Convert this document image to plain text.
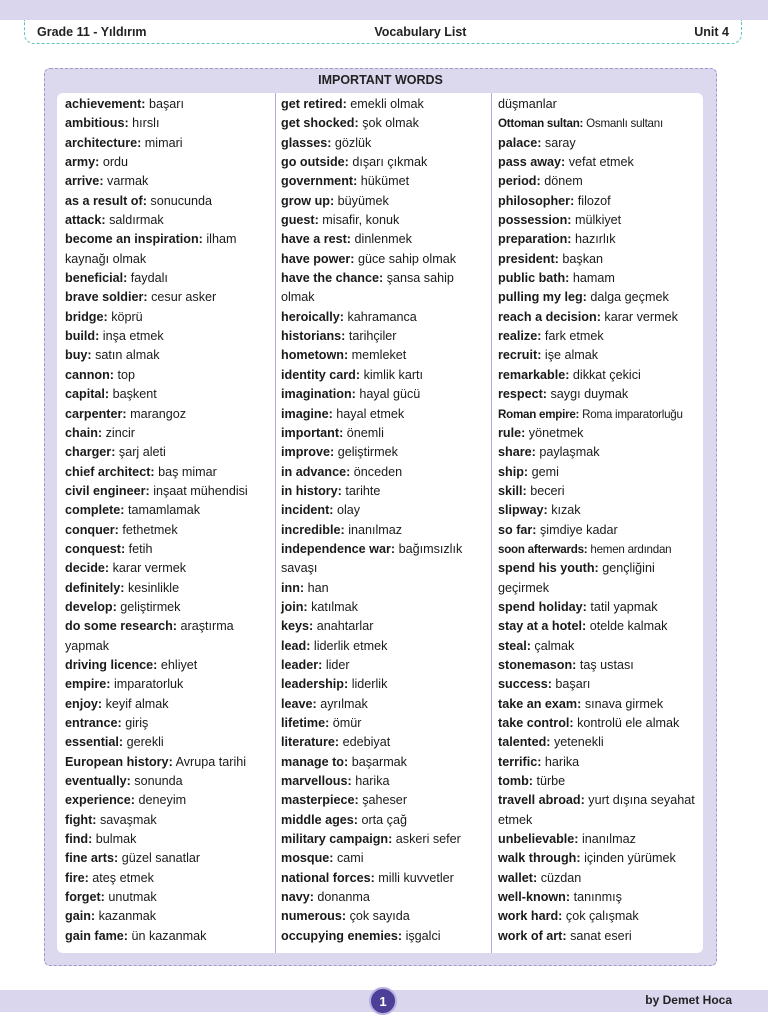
Grade 11 - Yıldırım	Vocabulary List	Unit 4
IMPORTANT WORDS

achievement: başarı

ambitious: hırslı

architecture: mimari

army: ordu

arrive: varmak

as a result of: sonucunda

attack: saldırmak

become an inspiration: ilham kaynağı olmak

beneficial: faydalı

brave soldier: cesur asker

bridge: köprü

build: inşa etmek

buy: satın almak

cannon: top

capital: başkent

carpenter: marangoz

chain: zincir

charger: şarj aleti

chief architect: baş mimar

civil engineer: inşaat mühendisi

complete: tamamlamak

conquer: fethetmek

conquest: fetih

decide: karar vermek

definitely: kesinlikle

develop: geliştirmek

do some research: araştırma yapmak

driving licence: ehliyet

empire: imparatorluk

enjoy: keyif almak

entrance: giriş

essential: gerekli

European history: Avrupa tarihi

eventually: sonunda

experience: deneyim

fight: savaşmak

find: bulmak

fine arts: güzel sanatlar

fire: ateş etmek

forget: unutmak

gain: kazanmak

gain fame: ün kazanmak

get retired: emekli olmak

get shocked: şok olmak

glasses: gözlük

go outside: dışarı çıkmak

government: hükümet

grow up: büyümek

guest: misafir, konuk

have a rest: dinlenmek

have power: güce sahip olmak

have the chance: şansa sahip olmak

heroically: kahramanca

historians: tarihçiler

hometown: memleket

identity card: kimlik kartı

imagination: hayal gücü

imagine: hayal etmek

important: önemli

improve: geliştirmek

in advance: önceden

in history: tarihte

incident: olay

incredible: inanılmaz

independence war: bağımsızlık savaşı

inn: han

join: katılmak

keys: anahtarlar

lead: liderlik etmek

leader: lider

leadership: liderlik

leave: ayrılmak

lifetime: ömür

literature: edebiyat

manage to: başarmak

marvellous: harika

masterpiece: şaheser

middle ages: orta çağ

military campaign: askeri sefer

mosque: cami

national forces: milli kuvvetler

navy: donanma

numerous: çok sayıda

occupying enemies: işgalci

düşmanlar

Ottoman sultan: Osmanlı sultanı

palace: saray

pass away: vefat etmek

period: dönem

philosopher: filozof

possession: mülkiyet

preparation: hazırlık

president: başkan

public bath: hamam

pulling my leg: dalga geçmek

reach a decision: karar vermek

realize: fark etmek

recruit: işe almak

remarkable: dikkat çekici

respect: saygı duymak

Roman empire: Roma imparatorluğu

rule: yönetmek

share: paylaşmak

ship: gemi

skill: beceri

slipway: kızak

so far: şimdiye kadar

soon afterwards: hemen ardından

spend his youth: gençliğini geçirmek

spend holiday: tatil yapmak

stay at a hotel: otelde kalmak

steal: çalmak

stonemason: taş ustası

success: başarı

take an exam: sınava girmek

take control: kontrolü ele almak

talented: yetenekli

terrific: harika

tomb: türbe

travell abroad: yurt dışına seyahat etmek

unbelievable: inanılmaz

walk through: içinden yürümek

wallet: cüzdan

well-known: tanınmış

work hard: çok çalışmak

work of art: sanat eseri

1	by Demet Hoca
